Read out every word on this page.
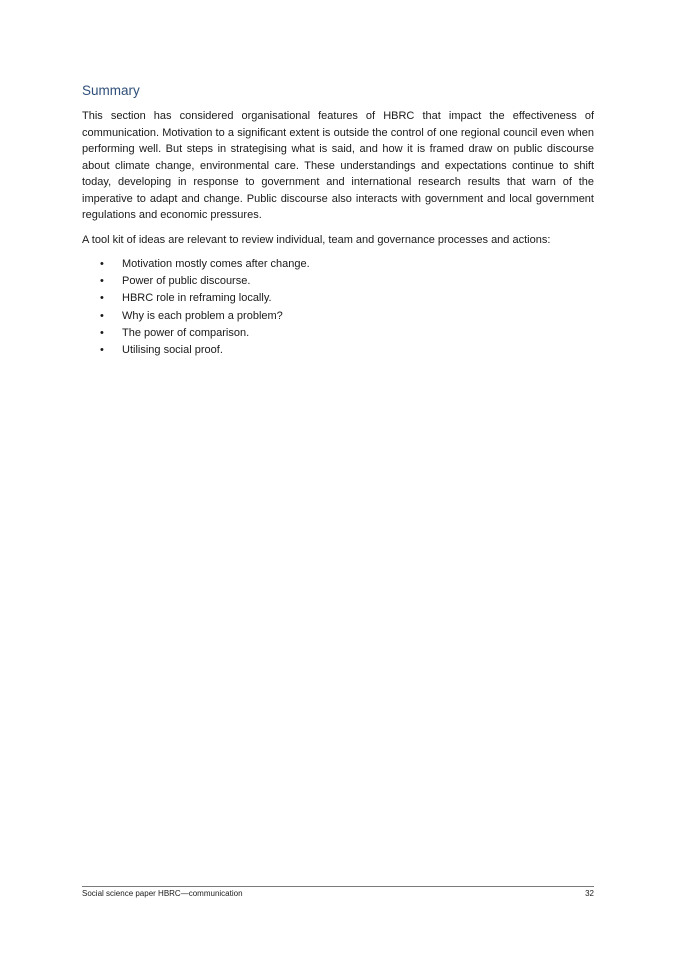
Summary

This section has considered organisational features of HBRC that impact the effectiveness of communication. Motivation to a significant extent is outside the control of one regional council even when performing well. But steps in strategising what is said, and how it is framed draw on public discourse about climate change, environmental care. These understandings and expectations continue to shift today, developing in response to government and international research results that warn of the imperative to adapt and change. Public discourse also interacts with government and local government regulations and economic pressures.

A tool kit of ideas are relevant to review individual, team and governance processes and actions:

• Motivation mostly comes after change.
• Power of public discourse.
• HBRC role in reframing locally.
• Why is each problem a problem?
• The power of comparison.
• Utilising social proof.
Social science paper HBRC—communication	32
